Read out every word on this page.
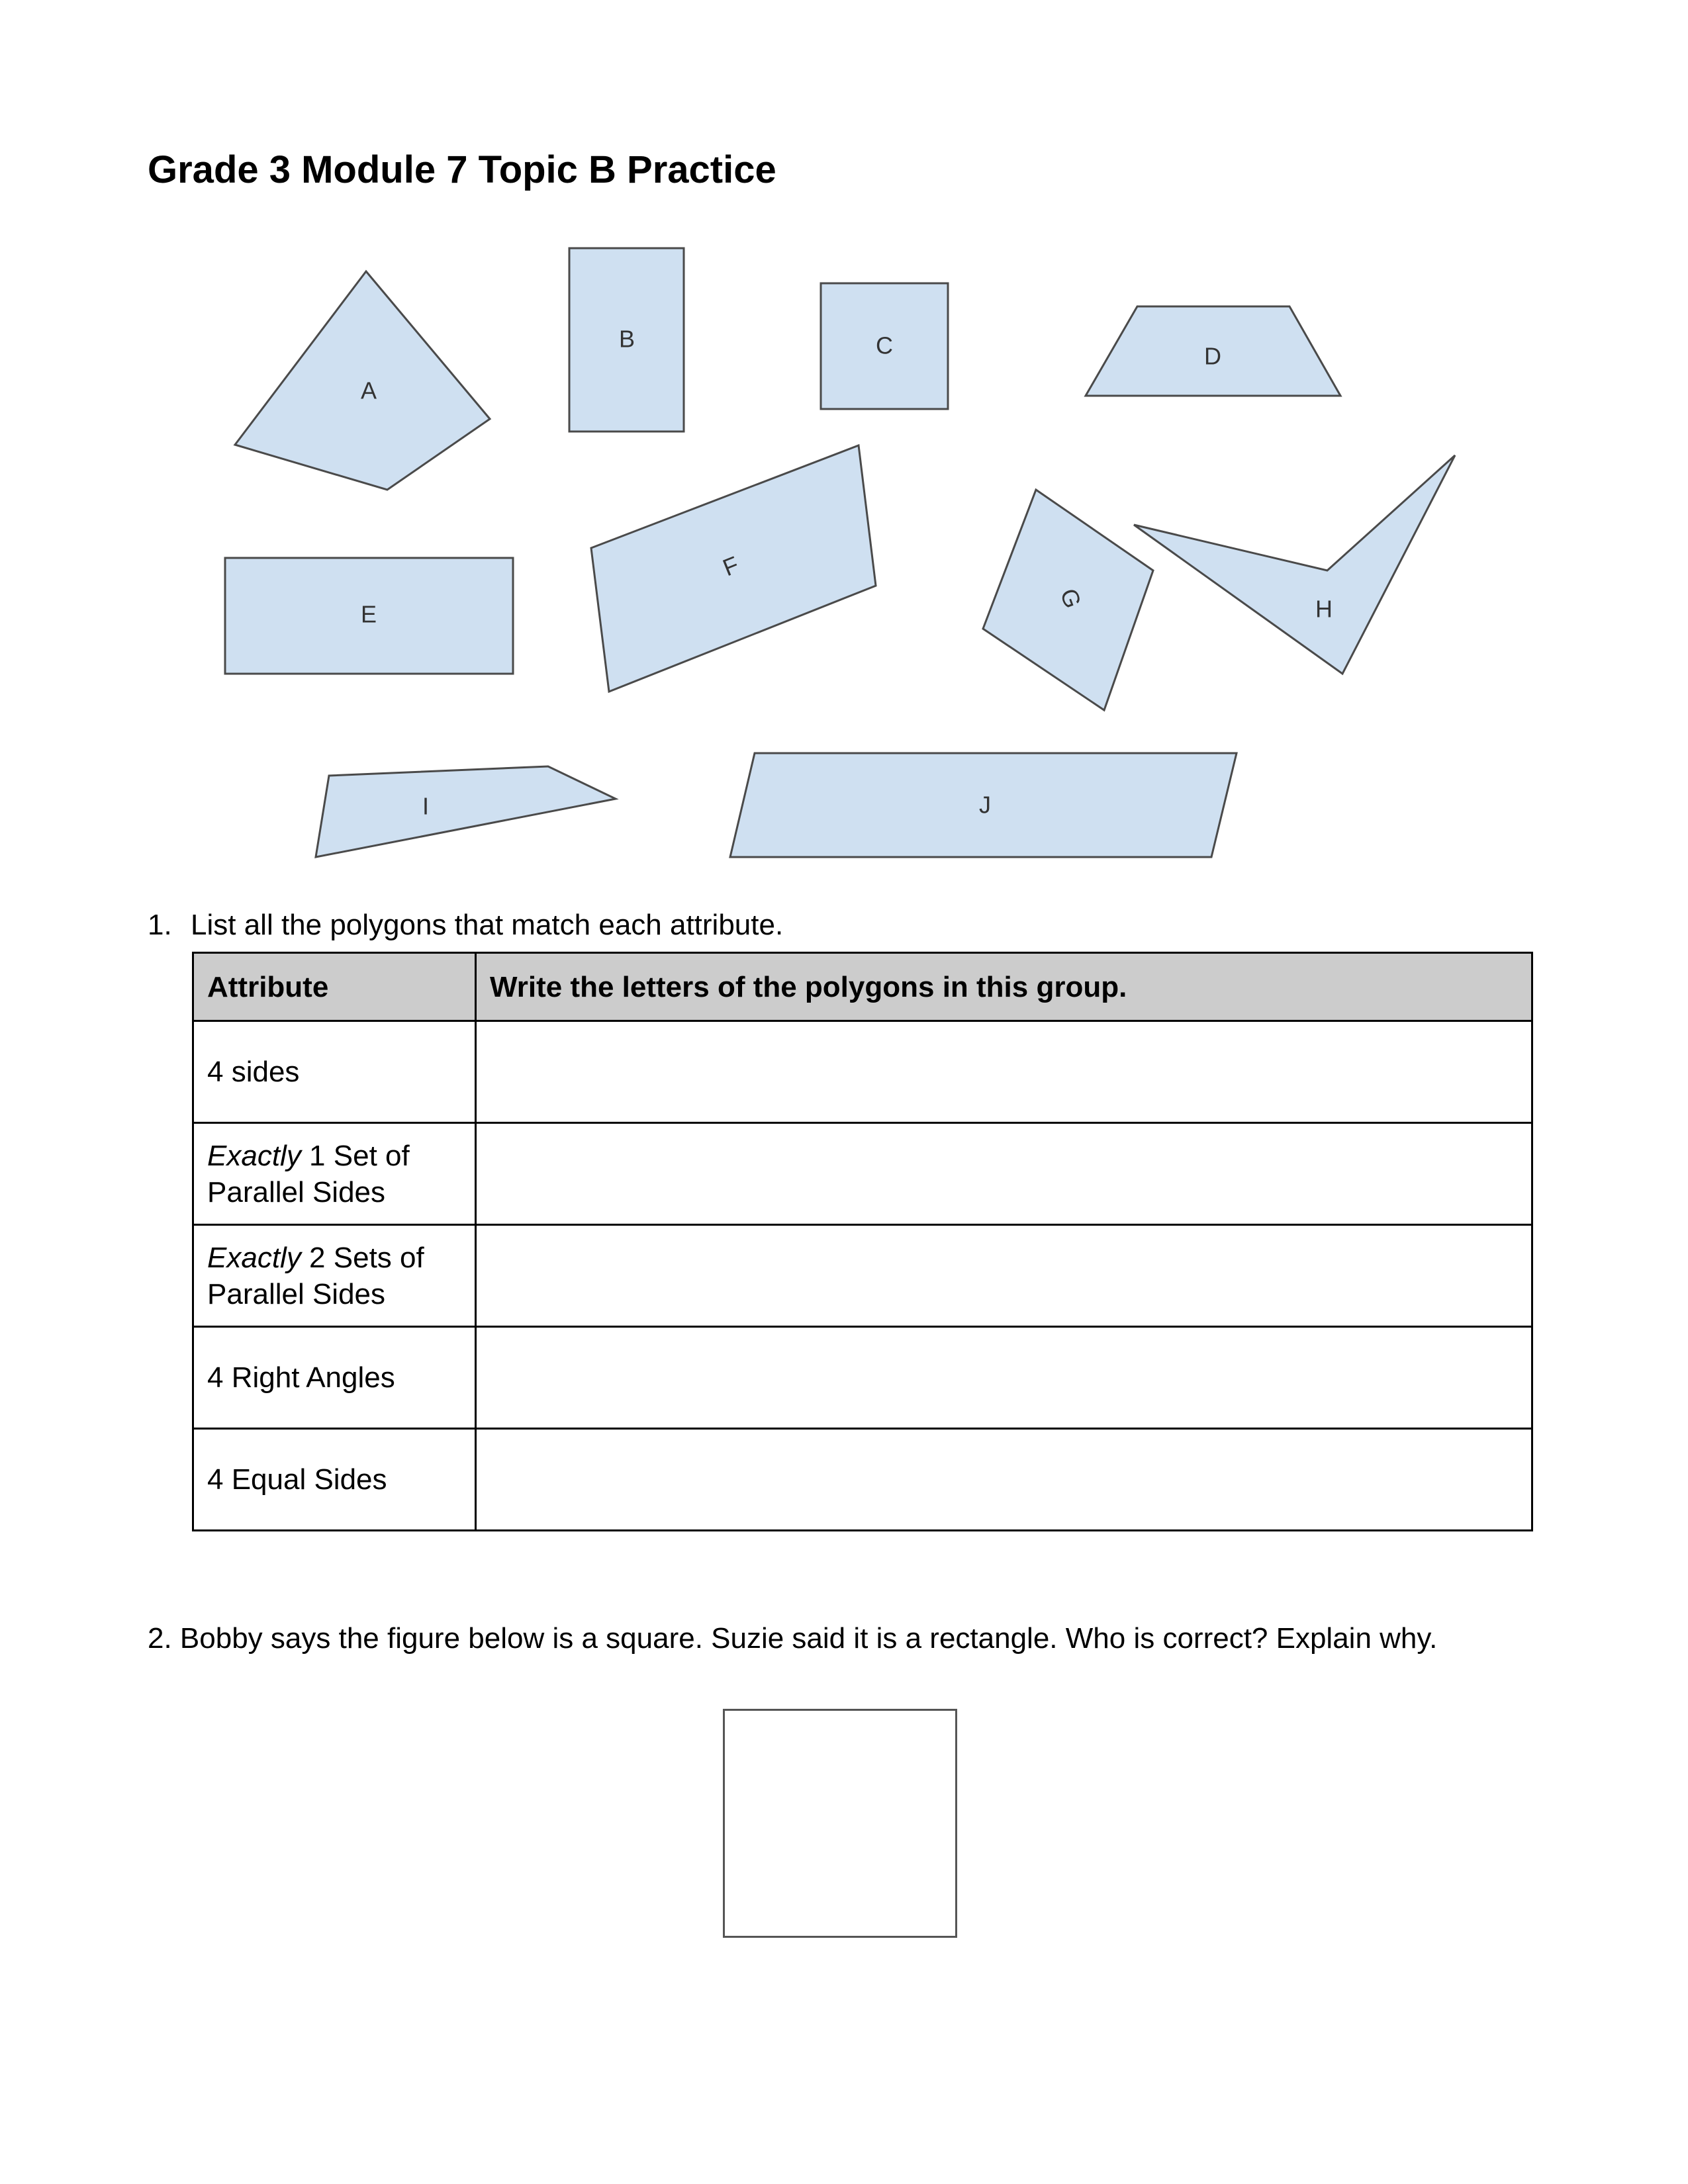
Grade 3 Module 7 Topic B Practice
A
B	C	D
E
F
G	H
I	J
1. List all the polygons that match each attribute.
Attribute	Write the letters of the polygons in this group.
4 sides	
Exactly 1 Set of Parallel Sides	
Exactly 2 Sets of Parallel Sides	
4 Right Angles	
4 Equal Sides	
2. Bobby says the figure below is a square. Suzie said it is a rectangle. Who is correct? Explain why.
